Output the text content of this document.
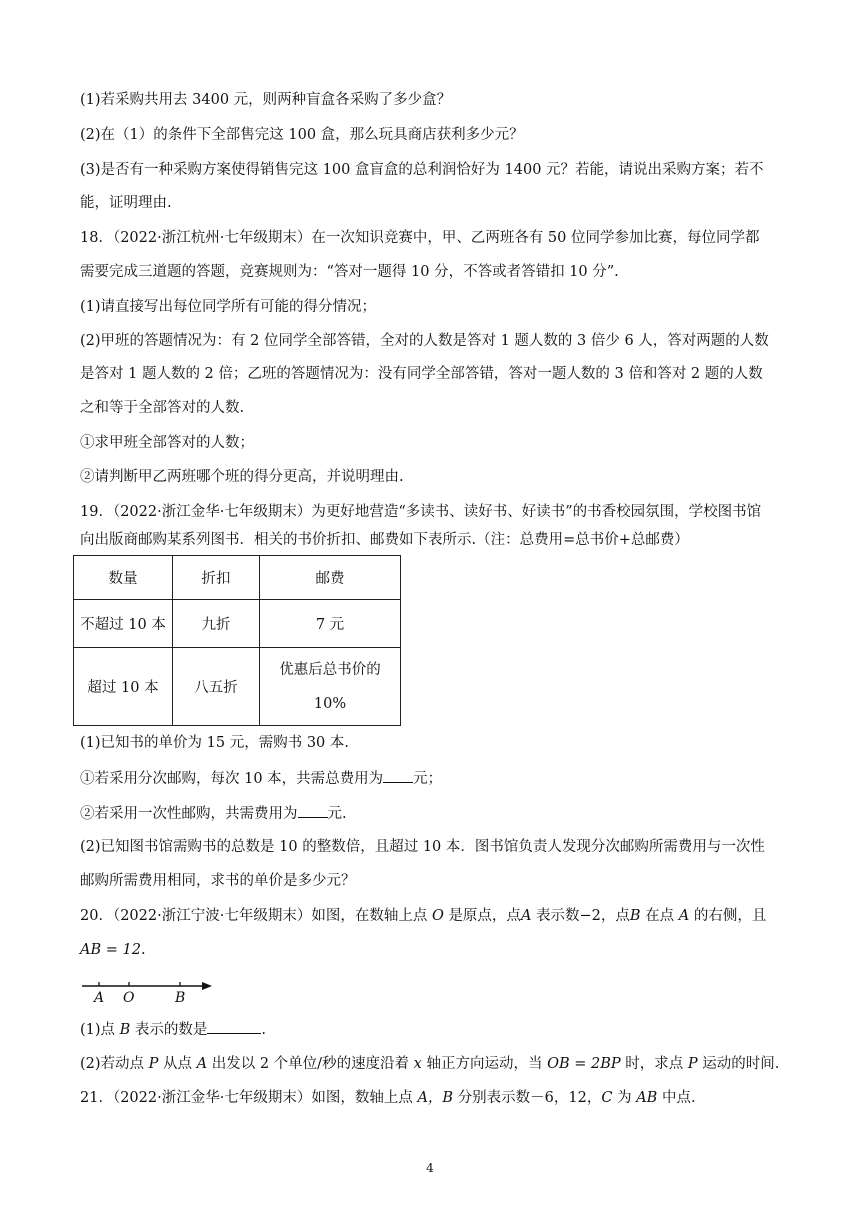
(1)若采购共用去 3400 元，则两种盲盒各采购了多少盒？
(2)在（1）的条件下全部售完这 100 盒，那么玩具商店获利多少元？
(3)是否有一种采购方案使得销售完这 100 盒盲盒的总利润恰好为 1400 元？若能，请说出采购方案；若不
能，证明理由.
18．（2022·浙江杭州·七年级期末）在一次知识竞赛中，甲、乙两班各有 50 位同学参加比赛，每位同学都
需要完成三道题的答题，竞赛规则为：“答对一题得 10 分，不答或者答错扣 10 分”.
(1)请直接写出每位同学所有可能的得分情况；
(2)甲班的答题情况为：有 2 位同学全部答错，全对的人数是答对 1 题人数的 3 倍少 6 人，答对两题的人数
是答对 1 题人数的 2 倍；乙班的答题情况为：没有同学全部答错，答对一题人数的 3 倍和答对 2 题的人数
之和等于全部答对的人数.
①求甲班全部答对的人数；
②请判断甲乙两班哪个班的得分更高，并说明理由.
19．（2022·浙江金华·七年级期末）为更好地营造“多读书、读好书、好读书”的书香校园氛围，学校图书馆
向出版商邮购某系列图书．相关的书价折扣、邮费如下表所示.（注：总费用=总书价+总邮费）
数量	折扣	邮费
不超过 10 本	九折	7 元
超过 10 本	八五折	优惠后总书价的
10%
(1)已知书的单价为 15 元，需购书 30 本.
①若采用分次邮购，每次 10 本，共需总费用为 元；
②若采用一次性邮购，共需费用为 元.
(2)已知图书馆需购书的总数是 10 的整数倍，且超过 10 本．图书馆负责人发现分次邮购所需费用与一次性
邮购所需费用相同，求书的单价是多少元？
20．（2022·浙江宁波·七年级期末）如图，在数轴上点 O 是原点，点A 表示数−2，点B 在点 A 的右侧，且
AB = 12.
A O	B
(1)点 B 表示的数是	.
(2)若动点 P 从点 A 出发以 2 个单位/秒的速度沿着 x 轴正方向运动，当 OB = 2BP 时，求点 P 运动的时间.
21．（2022·浙江金华·七年级期末）如图，数轴上点 A，B 分别表示数－6，12，C 为 AB 中点.
4
